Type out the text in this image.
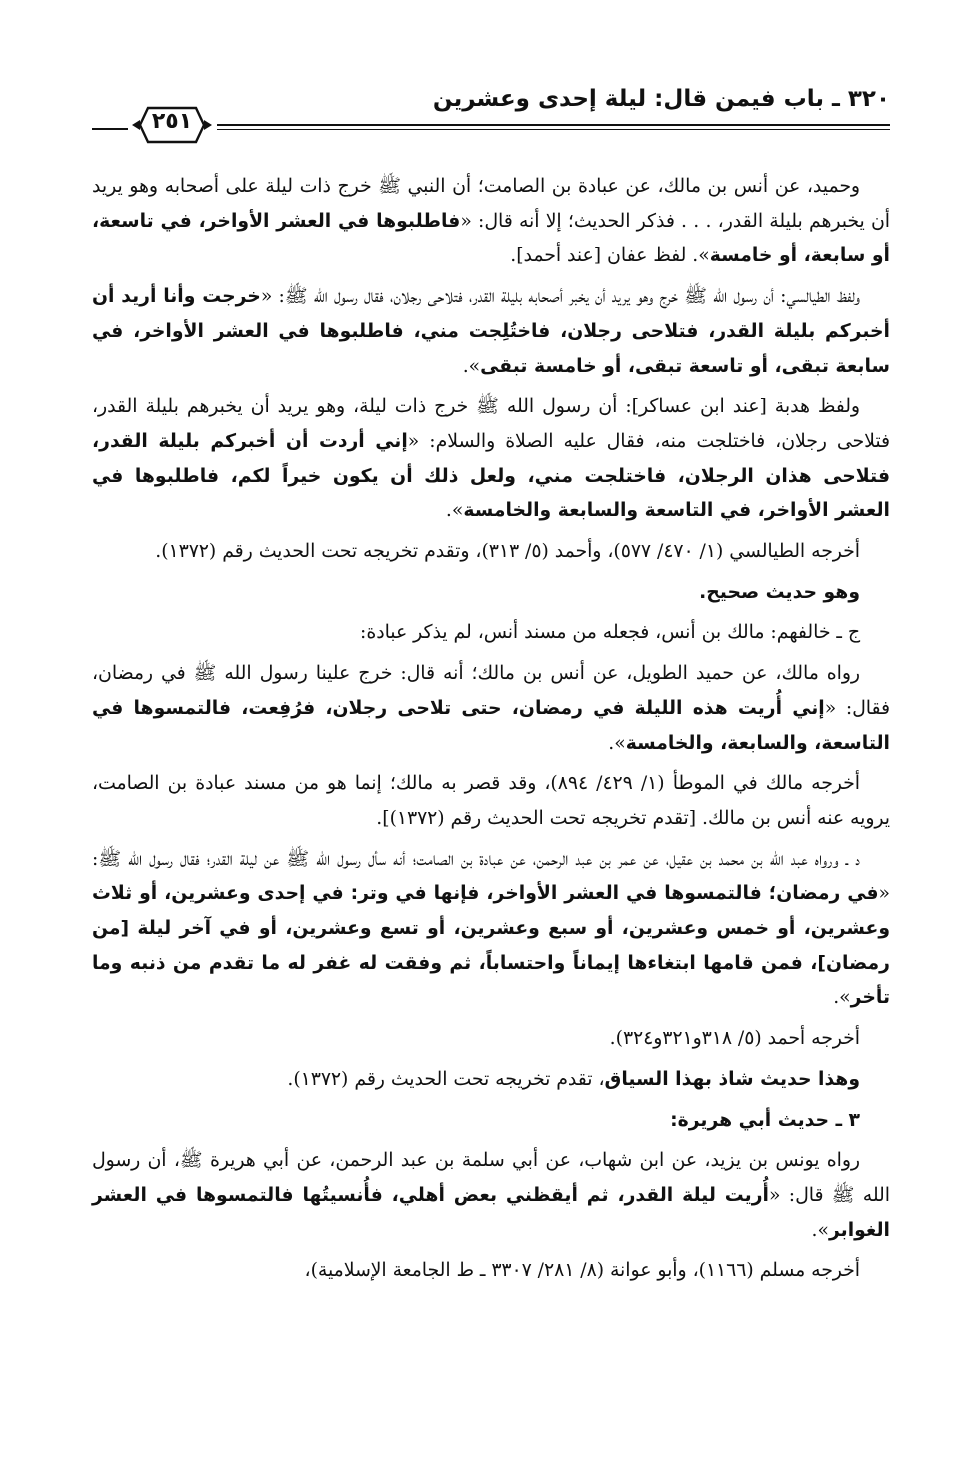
٣٢٠ ـ باب فيمن قال: ليلة إحدى وعشرين
٢٥١

وحميد، عن أنس بن مالك، عن عبادة بن الصامت؛ أن النبي ﷺ خرج ذات ليلة على أصحابه وهو يريد أن يخبرهم بليلة القدر، . . . فذكر الحديث؛ إلا أنه قال: «فاطلبوها في العشر الأواخر، في تاسعة، أو سابعة، أو خامسة». لفظ عفان [عند أحمد].

ولفظ الطيالسي: أن رسول الله ﷺ خرج وهو يريد أن يخبر أصحابه بليلة القدر، فتلاحى رجلان، فقال رسول الله ﷺ: «خرجت وأنا أريد أن أخبركم بليلة القدر، فتلاحى رجلان، فاختُلِجت مني، فاطلبوها في العشر الأواخر، في سابعة تبقى، أو تاسعة تبقى، أو خامسة تبقى».

ولفظ هدبة [عند ابن عساكر]: أن رسول الله ﷺ خرج ذات ليلة، وهو يريد أن يخبرهم بليلة القدر، فتلاحى رجلان، فاختلجت منه، فقال عليه الصلاة والسلام: «إني أردت أن أخبركم بليلة القدر، فتلاحى هذان الرجلان، فاختلجت مني، ولعل ذلك أن يكون خيراً لكم، فاطلبوها في العشر الأواخر، في التاسعة والسابعة والخامسة».

أخرجه الطيالسي (١/ ٤٧٠/ ٥٧٧)، وأحمد (٥/ ٣١٣)، وتقدم تخريجه تحت الحديث رقم (١٣٧٢).

وهو حديث صحيح.

ج ـ خالفهم: مالك بن أنس، فجعله من مسند أنس، لم يذكر عبادة:

رواه مالك، عن حميد الطويل، عن أنس بن مالك؛ أنه قال: خرج علينا رسول الله ﷺ في رمضان، فقال: «إني أُريت هذه الليلة في رمضان، حتى تلاحى رجلان، فرُفِعت، فالتمسوها في التاسعة، والسابعة، والخامسة».

أخرجه مالك في الموطأ (١/ ٤٢٩/ ٨٩٤)، وقد قصر به مالك؛ إنما هو من مسند عبادة بن الصامت، يرويه عنه أنس بن مالك. [تقدم تخريجه تحت الحديث رقم (١٣٧٢)].

د ـ ورواه عبد الله بن محمد بن عقيل، عن عمر بن عبد الرحمن، عن عبادة بن الصامت؛ أنه سأل رسول الله ﷺ عن ليلة القدر؛ فقال رسول الله ﷺ: «في رمضان؛ فالتمسوها في العشر الأواخر، فإنها في وتر: في إحدى وعشرين، أو ثلاث وعشرين، أو خمس وعشرين، أو سبع وعشرين، أو تسع وعشرين، أو في آخر ليلة [من رمضان]، فمن قامها ابتغاءها إيماناً واحتساباً، ثم وفقت له غفر له ما تقدم من ذنبه وما تأخر».

أخرجه أحمد (٥/ ٣١٨و٣٢١و٣٢٤).

وهذا حديث شاذ بهذا السياق، تقدم تخريجه تحت الحديث رقم (١٣٧٢).

٣ ـ حديث أبي هريرة:

رواه يونس بن يزيد، عن ابن شهاب، عن أبي سلمة بن عبد الرحمن، عن أبي هريرة ﷺ، أن رسول الله ﷺ قال: «أُريت ليلة القدر، ثم أيقظني بعض أهلي، فأُنسيتُها فالتمسوها في العشر الغوابر».

أخرجه مسلم (١١٦٦)، وأبو عوانة (٨/ ٢٨١/ ٣٣٠٧ ـ ط الجامعة الإسلامية)،
